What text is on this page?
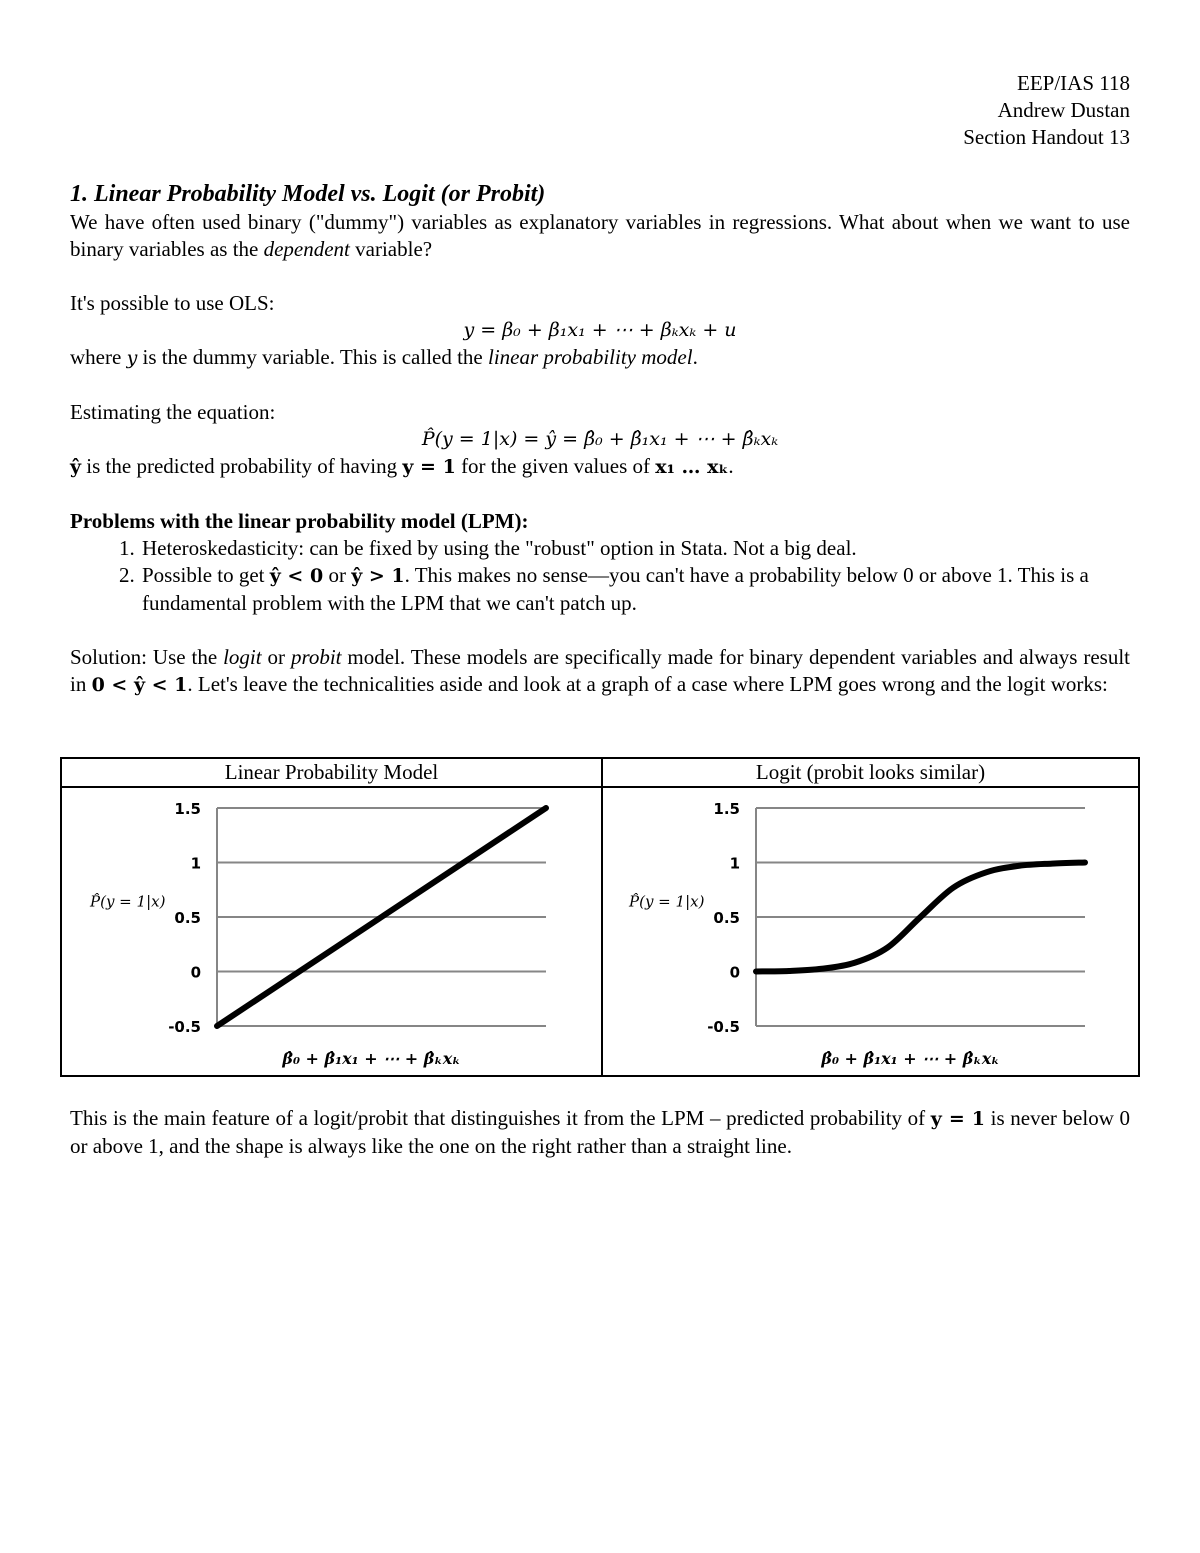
EEP/IAS 118
Andrew Dustan
Section Handout 13
1. Linear Probability Model vs. Logit (or Probit)

We have often used binary ("dummy") variables as explanatory variables in regressions. What about when we want to use binary variables as the dependent variable?

It's possible to use OLS:

y = β₀ + β₁x₁ + ⋯ + βₖxₖ + u

where y is the dummy variable. This is called the linear probability model.

Estimating the equation:

P̂(y = 1|x) = ŷ = β̂₀ + β̂₁x₁ + ⋯ + β̂ₖxₖ

ŷ is the predicted probability of having y = 1 for the given values of x₁ … xₖ.

Problems with the linear probability model (LPM):

1. Heteroskedasticity: can be fixed by using the "robust" option in Stata. Not a big deal.
2. Possible to get ŷ < 0 or ŷ > 1. This makes no sense—you can't have a probability below 0 or above 1. This is a fundamental problem with the LPM that we can't patch up.

Solution: Use the logit or probit model. These models are specifically made for binary dependent variables and always result in 0 < ŷ < 1. Let's leave the technicalities aside and look at a graph of a case where LPM goes wrong and the logit works:

Linear Probability Model
1.5
1
0.5
0
-0.5
P̂(y = 1|x)
β̂₀ + β̂₁x₁ + ⋯ + β̂ₖxₖ
Logit (probit looks similar)
1.5
1
0.5
0
-0.5
P̂(y = 1|x)
β̂₀ + β̂₁x₁ + ⋯ + β̂ₖxₖ
This is the main feature of a logit/probit that distinguishes it from the LPM – predicted probability of y = 1 is never below 0 or above 1, and the shape is always like the one on the right rather than a straight line.
